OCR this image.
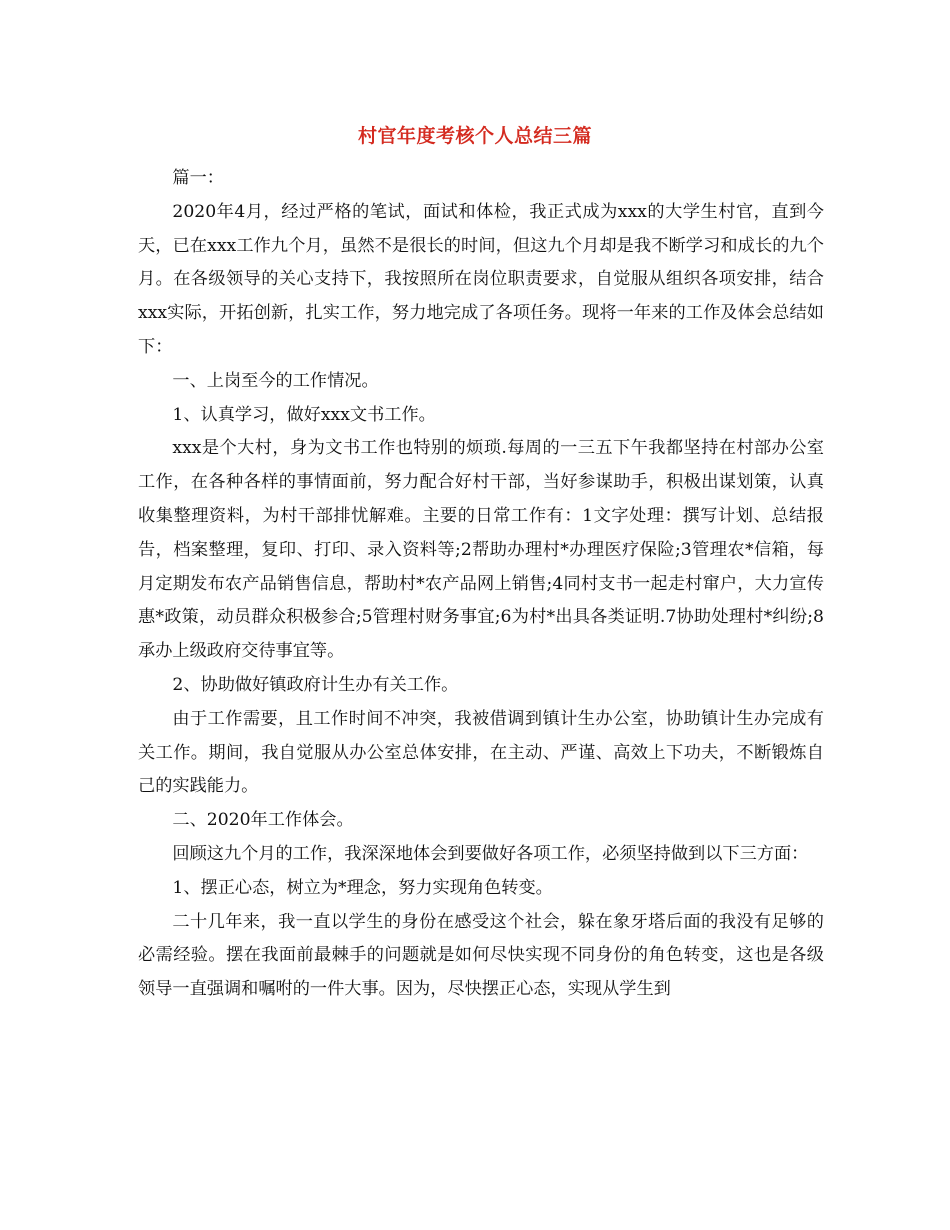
村官年度考核个人总结三篇

篇一：

2020年4月，经过严格的笔试，面试和体检，我正式成为xxx的大学生村官，直到今天，已在xxx工作九个月，虽然不是很长的时间，但这九个月却是我不断学习和成长的九个月。在各级领导的关心支持下，我按照所在岗位职责要求，自觉服从组织各项安排，结合xxx实际，开拓创新，扎实工作，努力地完成了各项任务。现将一年来的工作及体会总结如下：

一、上岗至今的工作情况。

1、认真学习，做好xxx文书工作。

xxx是个大村，身为文书工作也特别的烦琐.每周的一三五下午我都坚持在村部办公室工作，在各种各样的事情面前，努力配合好村干部，当好参谋助手，积极出谋划策，认真收集整理资料，为村干部排忧解难。主要的日常工作有：1文字处理：撰写计划、总结报告，档案整理，复印、打印、录入资料等;2帮助办理村*办理医疗保险;3管理农*信箱，每月定期发布农产品销售信息，帮助村*农产品网上销售;4同村支书一起走村窜户，大力宣传惠*政策，动员群众积极参合;5管理村财务事宜;6为村*出具各类证明.7协助处理村*纠纷;8承办上级政府交待事宜等。

2、协助做好镇政府计生办有关工作。

由于工作需要，且工作时间不冲突，我被借调到镇计生办公室，协助镇计生办完成有关工作。期间，我自觉服从办公室总体安排，在主动、严谨、高效上下功夫，不断锻炼自己的实践能力。

二、2020年工作体会。

回顾这九个月的工作，我深深地体会到要做好各项工作，必须坚持做到以下三方面：

1、摆正心态，树立为*理念，努力实现角色转变。

二十几年来，我一直以学生的身份在感受这个社会，躲在象牙塔后面的我没有足够的必需经验。摆在我面前最棘手的问题就是如何尽快实现不同身份的角色转变，这也是各级领导一直强调和嘱咐的一件大事。因为，尽快摆正心态，实现从学生到
